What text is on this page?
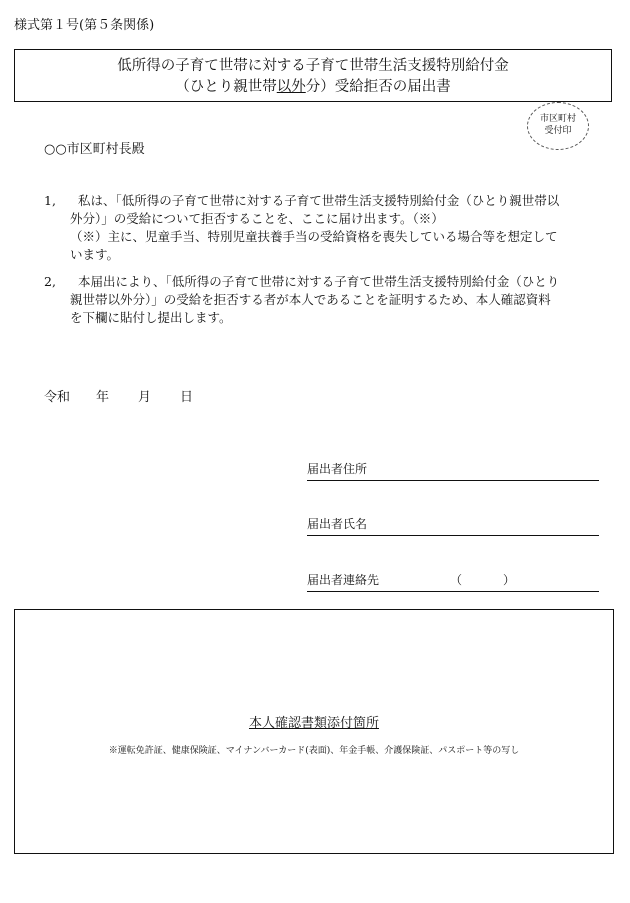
様式第１号(第５条関係)
低所得の子育て世帯に対する子育て世帯生活支援特別給付金
（ひとり親世帯以外分）受給拒否の届出書
市区町村
受付印
○○市区町村長殿
1,	私は、「低所得の子育て世帯に対する子育て世帯生活支援特別給付金（ひとり親世帯以
外分）」の受給について拒否することを、ここに届け出ます。（※）
（※）主に、児童手当、特別児童扶養手当の受給資格を喪失している場合等を想定して
います。
2,	本届出により、「低所得の子育て世帯に対する子育て世帯生活支援特別給付金（ひとり
親世帯以外分）」の受給を拒否する者が本人であることを証明するため、本人確認資料
を下欄に貼付し提出します。
令和 年 月 日
届出者住所
届出者氏名
届出者連絡先	（	）
本人確認書類添付箇所
※運転免許証、健康保険証、マイナンバーカード(表面)、年金手帳、介護保険証、パスポート等の写し
